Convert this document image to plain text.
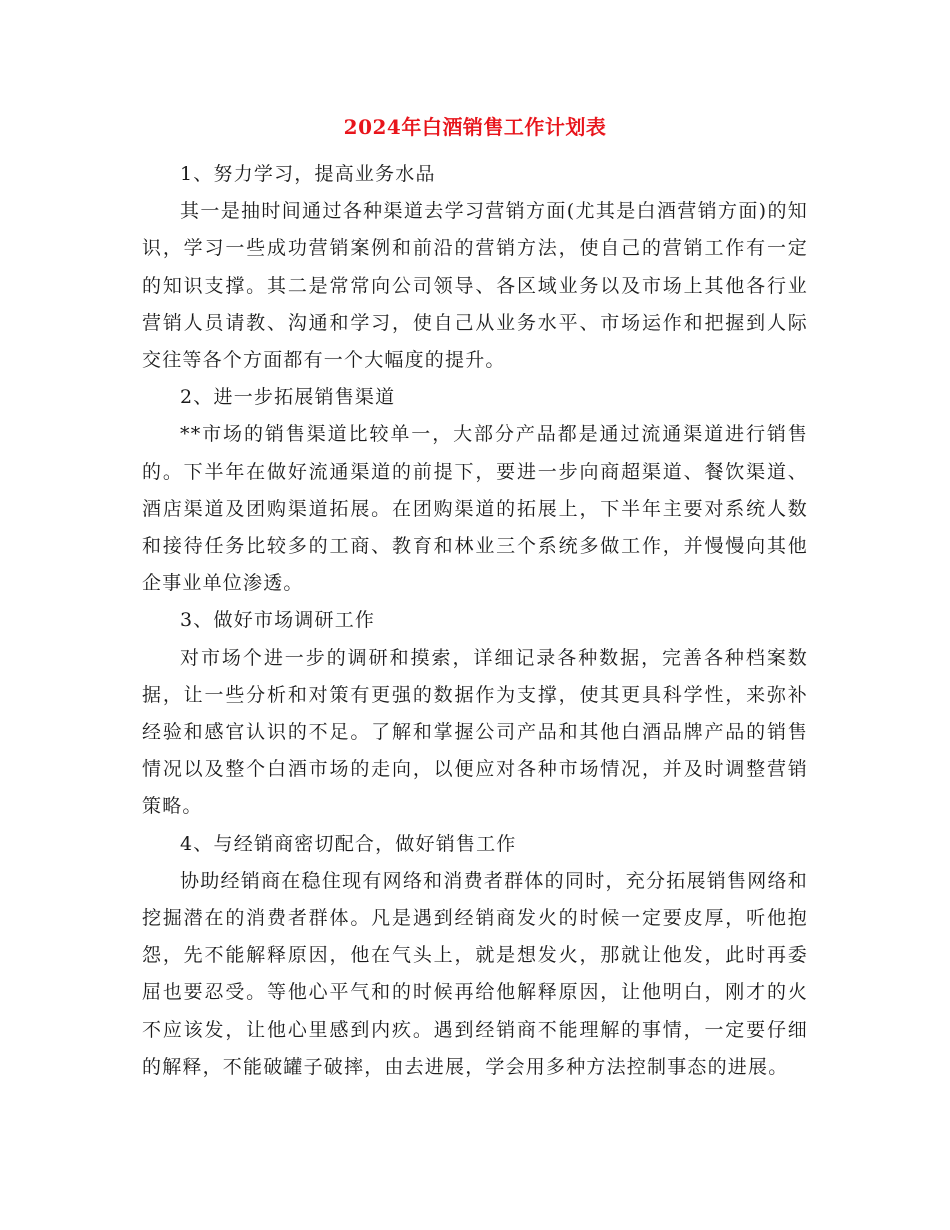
2024年白酒销售工作计划表

1、努力学习，提高业务水品

其一是抽时间通过各种渠道去学习营销方面(尤其是白酒营销方面)的知识，学习一些成功营销案例和前沿的营销方法，使自己的营销工作有一定的知识支撑。其二是常常向公司领导、各区域业务以及市场上其他各行业营销人员请教、沟通和学习，使自己从业务水平、市场运作和把握到人际交往等各个方面都有一个大幅度的提升。

2、进一步拓展销售渠道

**市场的销售渠道比较单一，大部分产品都是通过流通渠道进行销售的。下半年在做好流通渠道的前提下，要进一步向商超渠道、餐饮渠道、酒店渠道及团购渠道拓展。在团购渠道的拓展上，下半年主要对系统人数和接待任务比较多的工商、教育和林业三个系统多做工作，并慢慢向其他企事业单位渗透。

3、做好市场调研工作

对市场个进一步的调研和摸索，详细记录各种数据，完善各种档案数据，让一些分析和对策有更强的数据作为支撑，使其更具科学性，来弥补经验和感官认识的不足。了解和掌握公司产品和其他白酒品牌产品的销售情况以及整个白酒市场的走向，以便应对各种市场情况，并及时调整营销策略。

4、与经销商密切配合，做好销售工作

协助经销商在稳住现有网络和消费者群体的同时，充分拓展销售网络和挖掘潜在的消费者群体。凡是遇到经销商发火的时候一定要皮厚，听他抱怨，先不能解释原因，他在气头上，就是想发火，那就让他发，此时再委屈也要忍受。等他心平气和的时候再给他解释原因，让他明白，刚才的火不应该发，让他心里感到内疚。遇到经销商不能理解的事情，一定要仔细的解释，不能破罐子破摔，由去进展，学会用多种方法控制事态的进展。
